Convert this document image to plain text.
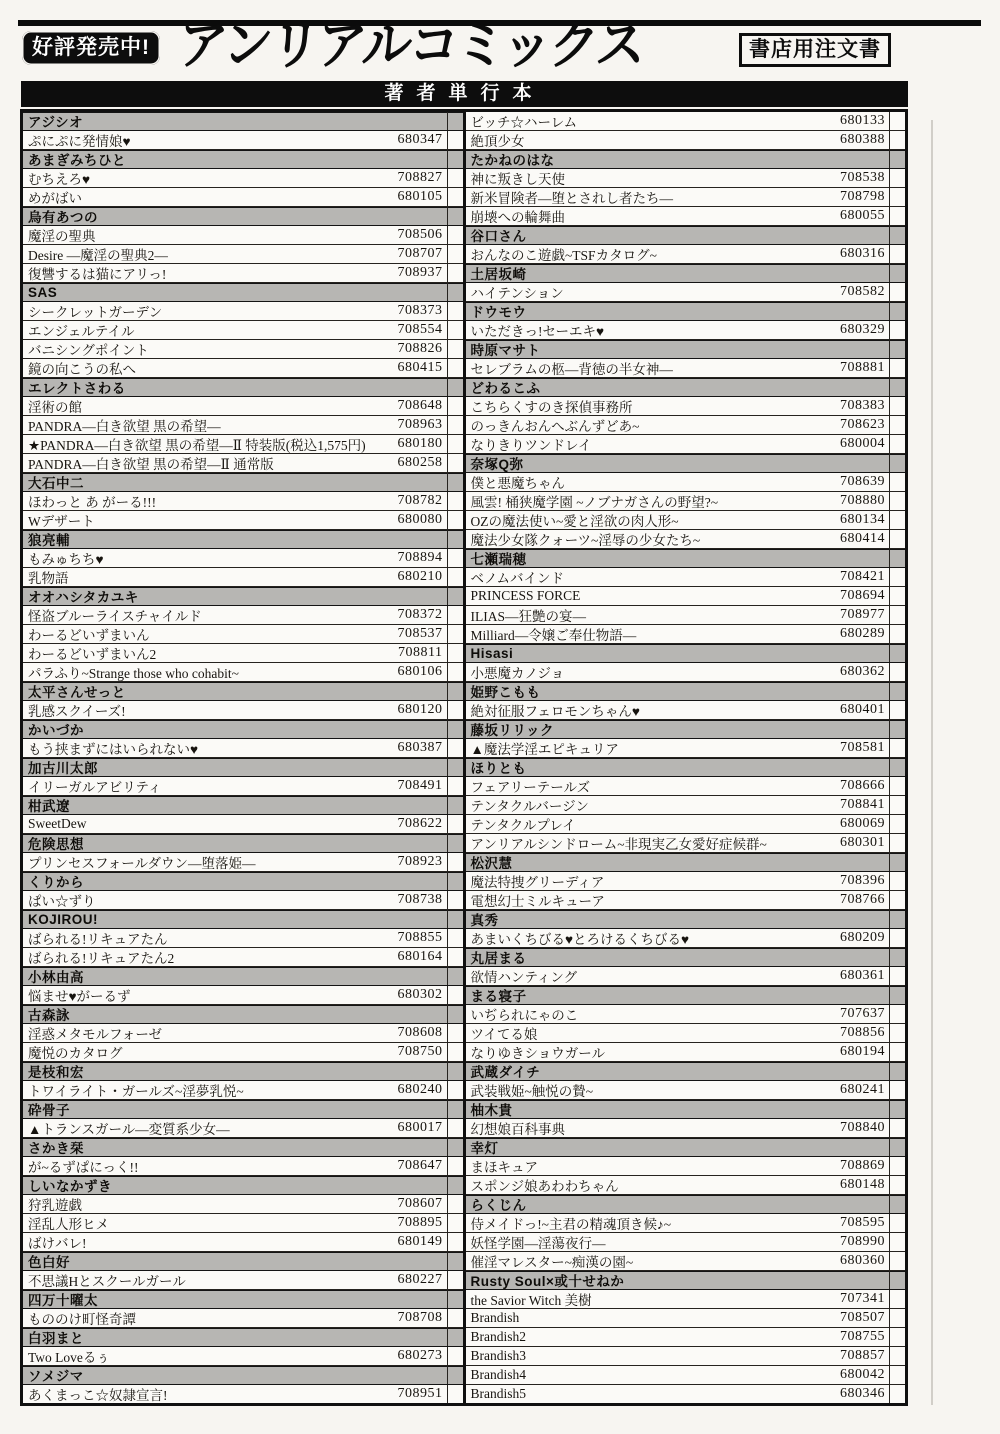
好評発売中! アンリアルコミックス	書店用注文書
著者単行本
アジシオ
ぷにぷに発情娘♥	680347
あまぎみちひと
むちえろ♥	708827
めがばい	680105
烏有あつの
魔淫の聖典	708506
Desire ―魔淫の聖典2―	708707
復讐するは猫にアリっ!	708937
SAS
シークレットガーデン	708373
エンジェルテイル	708554
バニシングポイント	708826
鏡の向こうの私へ	680415
エレクトさわる
淫術の館	708648
PANDRA―白き欲望 黒の希望―	708963
★PANDRA―白き欲望 黒の希望―Ⅱ 特装版(税込1,575円)	680180
PANDRA―白き欲望 黒の希望―Ⅱ 通常版	680258
大石中二
ほわっと あ がーる!!!	708782
Wデザート	680080
狼亮輔
もみゅちち♥	708894
乳物語	680210
オオハシタカユキ
怪盗ブルーライスチャイルド	708372
わーるどいずまいん	708537
わーるどいずまいん2	708811
パラふり~Strange those who cohabit~	680106
太平さんせっと
乳感スクイーズ!	680120
かいづか
もう挟まずにはいられない♥	680387
加古川太郎
イリーガルアビリティ	708491
柑武遼
SweetDew	708622
危険思想
プリンセスフォールダウン―堕落姫―	708923
くりから
ぱい☆ずり	708738
KOJIROU!
ばられる!リキュアたん	708855
ばられる!リキュアたん2	680164
小林由高
悩ませ♥がーるず	680302
古森詠
淫惑メタモルフォーゼ	708608
魔悦のカタログ	708750
是枝和宏
トワイライト・ガールズ~淫夢乳悦~	680240
砕骨子
▲トランスガール―変質系少女―	680017
さかき栞
が~るずぱにっく!!	708647
しいなかずき
狩乳遊戯	708607
淫乱人形ヒメ	708895
ばけバレ!	680149
色白好
不思議Hとスクールガール	680227
四万十曜太
もののけ町怪奇譚	708708
白羽まと
Two Loveるぅ	680273
ソメジマ
あくまっこ☆奴隷宣言!	708951
ビッチ☆ハーレム	680133
絶頂少女	680388
たかねのはな
神に叛きし天使	708538
新米冒険者―堕とされし者たち―	708798
崩壊への輪舞曲	680055
谷口さん
おんなのこ遊戯~TSFカタログ~	680316
土居坂崎
ハイテンション	708582
ドウモウ
いただきっ!セーエキ♥	680329
時原マサト
セレブラムの柩―背徳の半女神―	708881
どわるこふ
こちらくすのき探偵事務所	708383
のっきんおんへぶんずどあ~	708623
なりきりツンドレイ	680004
奈塚Q弥
僕と悪魔ちゃん	708639
風雲! 桶狭魔学園 ~ノブナガさんの野望?~	708880
OZの魔法使い~愛と淫欲の肉人形~	680134
魔法少女隊クォーツ~淫辱の少女たち~	680414
七瀬瑞穂
ベノムバインド	708421
PRINCESS FORCE	708694
ILIAS―狂艶の宴―	708977
Milliard―令嬢ご奉仕物語―	680289
Hisasi
小悪魔カノジョ	680362
姫野こもも
絶対征服フェロモンちゃん♥	680401
藤坂リリック
▲魔法学淫エピキュリア	708581
ほりとも
フェアリーテールズ	708666
テンタクルバージン	708841
テンタクルプレイ	680069
アンリアルシンドローム~非現実乙女愛好症候群~	680301
松沢慧
魔法特捜グリーディア	708396
電想幻士ミルキューア	708766
真秀
あまいくちびる♥とろけるくちびる♥	680209
丸居まる
欲情ハンティング	680361
まる寝子
いぢられにゃのこ	707637
ツイてる娘	708856
なりゆきショウガール	680194
武蔵ダイチ
武装戦姫~触悦の贄~	680241
柚木貴
幻想娘百科事典	708840
幸灯
まほキュア	708869
スポンジ娘あわわちゃん	680148
らくじん
侍メイドっ!~主君の精魂頂き候♪~	708595
妖怪学園―淫蕩夜行―	708990
催淫マレスター~痴漢の園~	680360
Rusty Soul×或十せねか
the Savior Witch 美樹	707341
Brandish	708507
Brandish2	708755
Brandish3	708857
Brandish4	680042
Brandish5	680346
